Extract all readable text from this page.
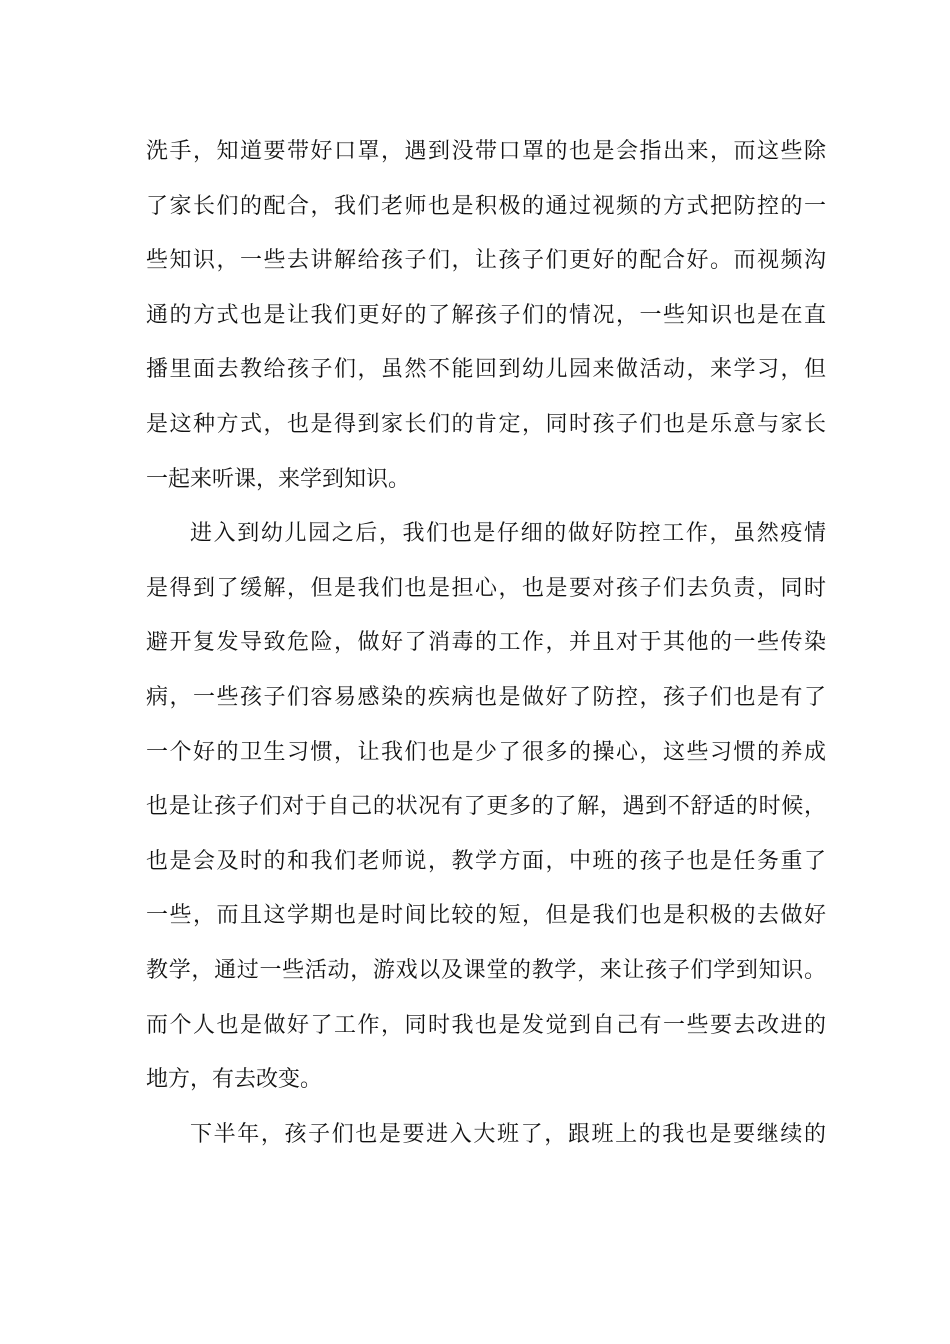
洗手，知道要带好口罩，遇到没带口罩的也是会指出来，而这些除
了家长们的配合，我们老师也是积极的通过视频的方式把防控的一
些知识，一些去讲解给孩子们，让孩子们更好的配合好。而视频沟
通的方式也是让我们更好的了解孩子们的情况，一些知识也是在直
播里面去教给孩子们，虽然不能回到幼儿园来做活动，来学习，但
是这种方式，也是得到家长们的肯定，同时孩子们也是乐意与家长
一起来听课，来学到知识。
进入到幼儿园之后，我们也是仔细的做好防控工作，虽然疫情
是得到了缓解，但是我们也是担心，也是要对孩子们去负责，同时
避开复发导致危险，做好了消毒的工作，并且对于其他的一些传染
病，一些孩子们容易感染的疾病也是做好了防控，孩子们也是有了
一个好的卫生习惯，让我们也是少了很多的操心，这些习惯的养成
也是让孩子们对于自己的状况有了更多的了解，遇到不舒适的时候，
也是会及时的和我们老师说，教学方面，中班的孩子也是任务重了
一些，而且这学期也是时间比较的短，但是我们也是积极的去做好
教学，通过一些活动，游戏以及课堂的教学，来让孩子们学到知识。
而个人也是做好了工作，同时我也是发觉到自己有一些要去改进的
地方，有去改变。
下半年，孩子们也是要进入大班了，跟班上的我也是要继续的
